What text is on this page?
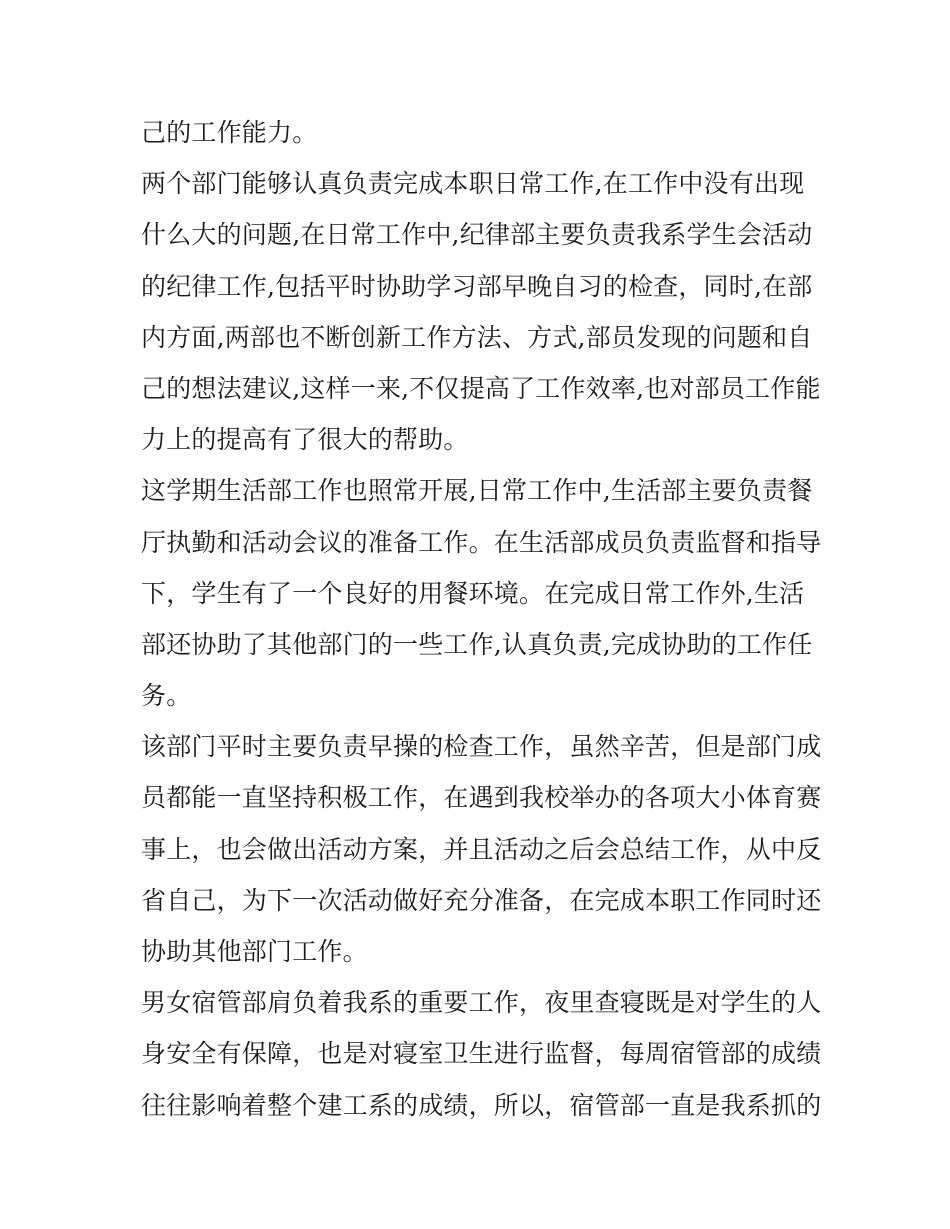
己的工作能力。
两个部门能够认真负责完成本职日常工作,在工作中没有出现
什么大的问题,在日常工作中,纪律部主要负责我系学生会活动
的纪律工作,包括平时协助学习部早晚自习的检查，同时,在部
内方面,两部也不断创新工作方法、方式,部员发现的问题和自
己的想法建议,这样一来,不仅提高了工作效率,也对部员工作能
力上的提高有了很大的帮助。
这学期生活部工作也照常开展,日常工作中,生活部主要负责餐
厅执勤和活动会议的准备工作。在生活部成员负责监督和指导
下，学生有了一个良好的用餐环境。在完成日常工作外,生活
部还协助了其他部门的一些工作,认真负责,完成协助的工作任
务。
该部门平时主要负责早操的检查工作，虽然辛苦，但是部门成
员都能一直坚持积极工作，在遇到我校举办的各项大小体育赛
事上，也会做出活动方案，并且活动之后会总结工作，从中反
省自己，为下一次活动做好充分准备，在完成本职工作同时还
协助其他部门工作。
男女宿管部肩负着我系的重要工作，夜里查寝既是对学生的人
身安全有保障，也是对寝室卫生进行监督，每周宿管部的成绩
往往影响着整个建工系的成绩，所以，宿管部一直是我系抓的
